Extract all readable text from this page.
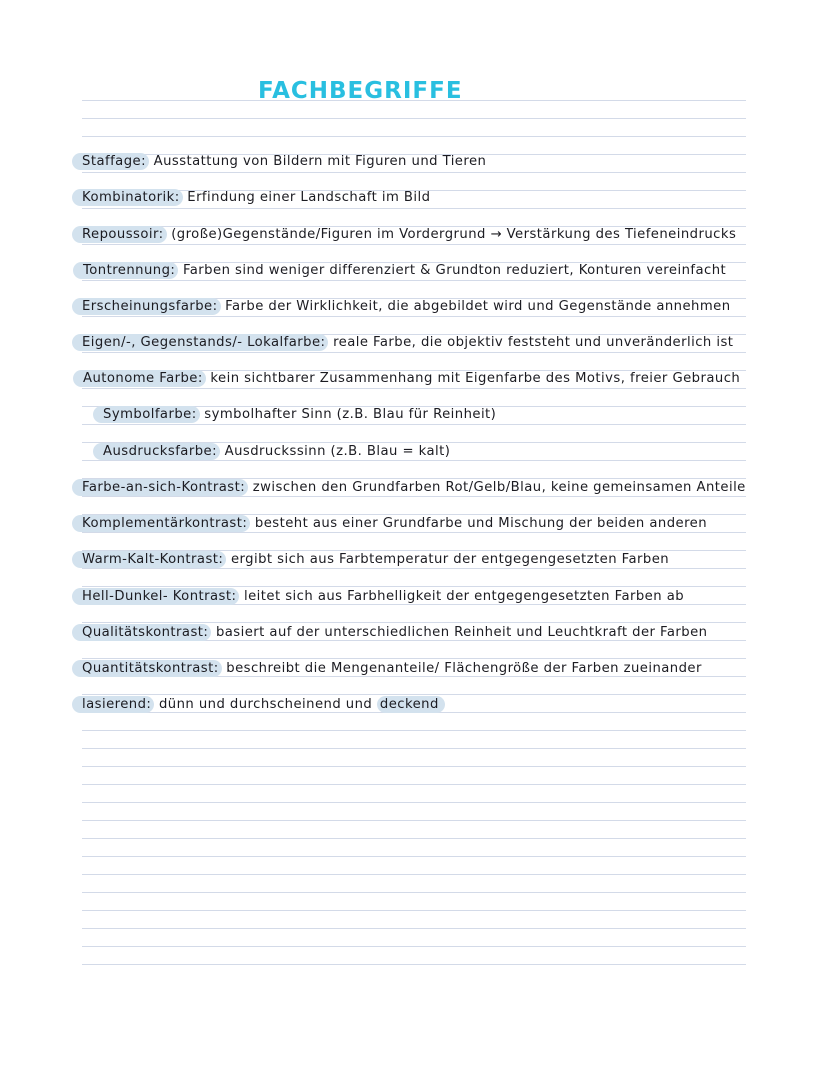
FACHBEGRIFFE
Staffage: Ausstattung von Bildern mit Figuren und Tieren
Kombinatorik: Erfindung einer Landschaft im Bild
Repoussoir: (große)Gegenstände/Figuren im Vordergrund → Verstärkung des Tiefeneindrucks
Tontrennung: Farben sind weniger differenziert & Grundton reduziert, Konturen vereinfacht
Erscheinungsfarbe: Farbe der Wirklichkeit, die abgebildet wird und Gegenstände annehmen
Eigen/-, Gegenstands/- Lokalfarbe: reale Farbe, die objektiv feststeht und unveränderlich ist
Autonome Farbe: kein sichtbarer Zusammenhang mit Eigenfarbe des Motivs, freier Gebrauch
Symbolfarbe: symbolhafter Sinn (z.B. Blau für Reinheit)
Ausdrucksfarbe: Ausdruckssinn (z.B. Blau = kalt)
Farbe-an-sich-Kontrast: zwischen den Grundfarben Rot/Gelb/Blau, keine gemeinsamen Anteile
Komplementärkontrast: besteht aus einer Grundfarbe und Mischung der beiden anderen
Warm-Kalt-Kontrast: ergibt sich aus Farbtemperatur der entgegengesetzten Farben
Hell-Dunkel- Kontrast: leitet sich aus Farbhelligkeit der entgegengesetzten Farben ab
Qualitätskontrast: basiert auf der unterschiedlichen Reinheit und Leuchtkraft der Farben
Quantitätskontrast: beschreibt die Mengenanteile/ Flächengröße der Farben zueinander
lasierend: dünn und durchscheinend und deckend
